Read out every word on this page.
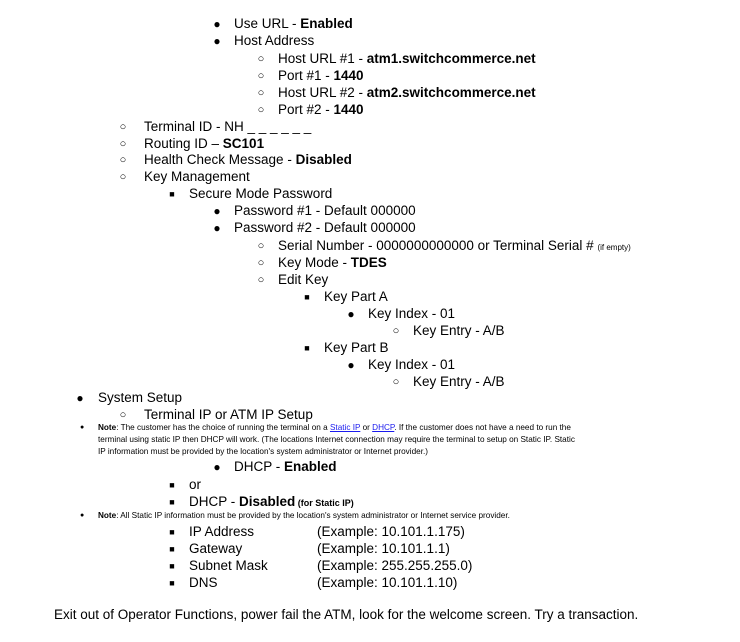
● Use URL - Enabled
● Host Address
○ Host URL #1 - atm1.switchcommerce.net
○ Port #1 - 1440
○ Host URL #2 - atm2.switchcommerce.net
○ Port #2 - 1440
○ Terminal ID - NH _ _ _ _ _ _
○ Routing ID – SC101
○ Health Check Message - Disabled
○ Key Management
■	Secure Mode Password
● Password #1 - Default 000000
● Password #2 - Default 000000
○ Serial Number - 0000000000000 or Terminal Serial # (if empty)
○ Key Mode - TDES
○ Edit Key
■	Key Part A
● Key Index - 01
○ Key Entry - A/B
■	Key Part B
● Key Index - 01
○ Key Entry - A/B
● System Setup
○ Terminal IP or ATM IP Setup
● Note: The customer has the choice of running the terminal on a Static IP or DHCP. If the customer does not have a need to run the
terminal using static IP then DHCP will work. (The locations Internet connection may require the terminal to setup on Static IP. Static
IP information must be provided by the location's system administrator or Internet provider.)
● DHCP - Enabled
■	or
■	DHCP - Disabled (for Static IP)
● Note: All Static IP information must be provided by the location's system administrator or Internet service provider.
■	IP Address	(Example: 10.101.1.175)
■	Gateway	(Example: 10.101.1.1)
■	Subnet Mask	(Example: 255.255.255.0)
■	DNS	(Example: 10.101.1.10)
Exit out of Operator Functions, power fail the ATM, look for the welcome screen. Try a transaction.
